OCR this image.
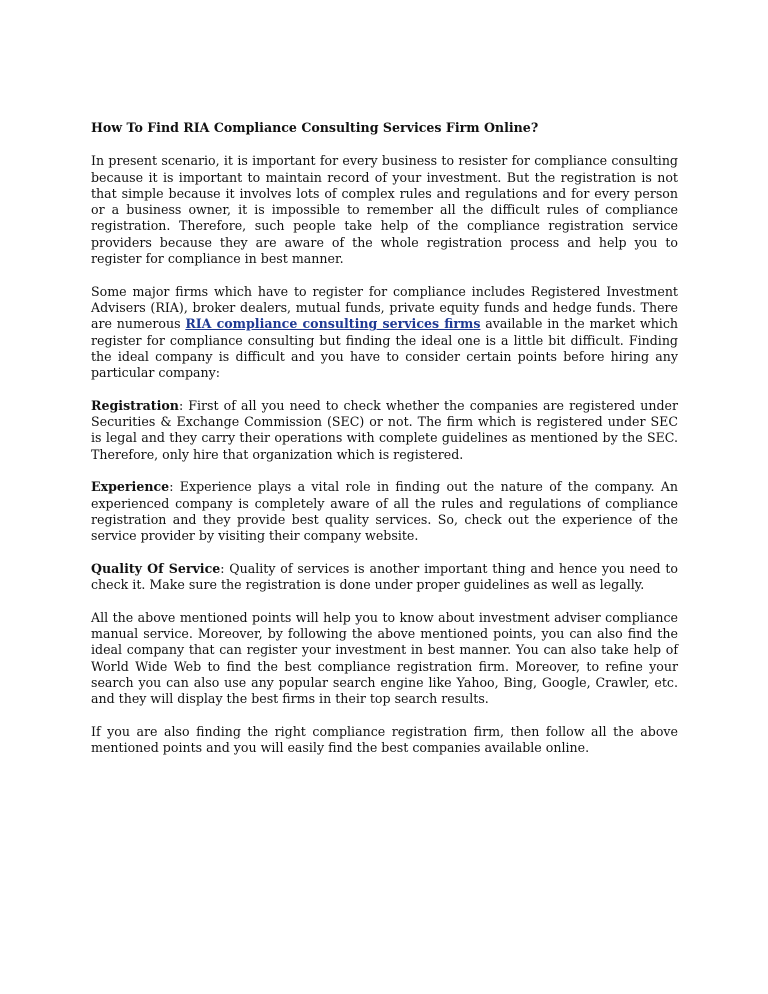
How To Find RIA Compliance Consulting Services Firm Online?

In present scenario, it is important for every business to resister for compliance consulting because it is important to maintain record of your investment. But the registration is not that simple because it involves lots of complex rules and regulations and for every person or a business owner, it is impossible to remember all the difficult rules of compliance registration. Therefore, such people take help of the compliance registration service providers because they are aware of the whole registration process and help you to register for compliance in best manner.

Some major firms which have to register for compliance includes Registered Investment Advisers (RIA), broker dealers, mutual funds, private equity funds and hedge funds. There are numerous RIA compliance consulting services firms available in the market which register for compliance consulting but finding the ideal one is a little bit difficult. Finding the ideal company is difficult and you have to consider certain points before hiring any particular company:

Registration: First of all you need to check whether the companies are registered under Securities & Exchange Commission (SEC) or not. The firm which is registered under SEC is legal and they carry their operations with complete guidelines as mentioned by the SEC. Therefore, only hire that organization which is registered.

Experience: Experience plays a vital role in finding out the nature of the company. An experienced company is completely aware of all the rules and regulations of compliance registration and they provide best quality services. So, check out the experience of the service provider by visiting their company website.

Quality Of Service: Quality of services is another important thing and hence you need to check it. Make sure the registration is done under proper guidelines as well as legally.

All the above mentioned points will help you to know about investment adviser compliance manual service. Moreover, by following the above mentioned points, you can also find the ideal company that can register your investment in best manner. You can also take help of World Wide Web to find the best compliance registration firm. Moreover, to refine your search you can also use any popular search engine like Yahoo, Bing, Google, Crawler, etc. and they will display the best firms in their top search results.

If you are also finding the right compliance registration firm, then follow all the above mentioned points and you will easily find the best companies available online.
